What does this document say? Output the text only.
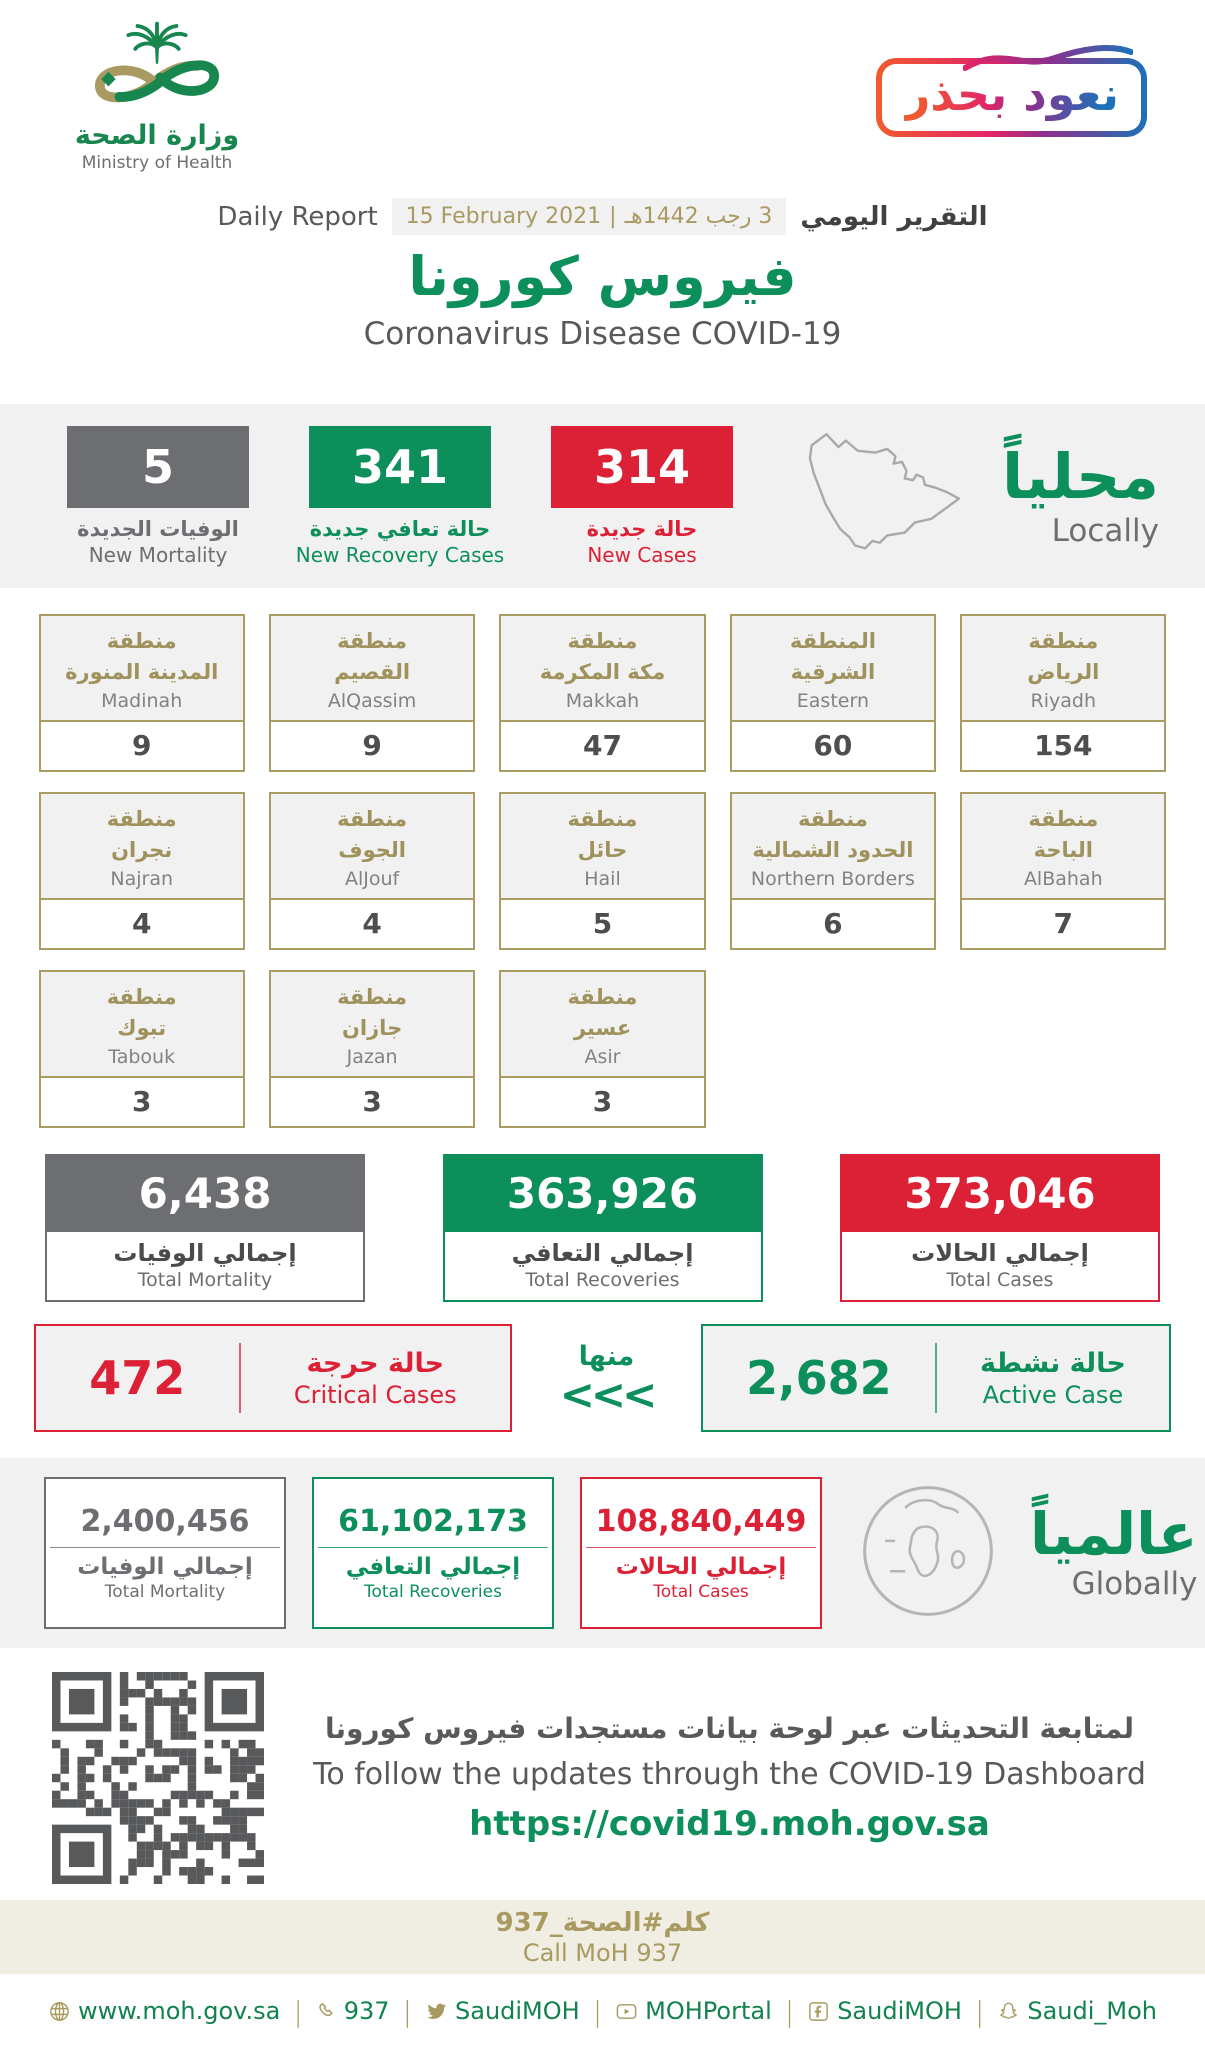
وزارة الصحة
Ministry of Health
نعود بحذر
Daily Report 15 February 2021 | 3 رجب 1442هـ التقرير اليومي
فيروس كورونا
Coronavirus Disease COVID-19
5
الوفيات الجديدة
New Mortality
341
حالة تعافي جديدة
New Recovery Cases
314
حالة جديدة
New Cases
محلياً
Locally
منطقة
المدينة المنورة
Madinah
9
منطقة
القصيم
AlQassim
9
منطقة
مكة المكرمة
Makkah
47
المنطقة
الشرقية
Eastern
60
منطقة
الرياض
Riyadh
154
منطقة
نجران
Najran
4
منطقة
الجوف
AlJouf
4
منطقة
حائل
Hail
5
منطقة
الحدود الشمالية
Northern Borders
6
منطقة
الباحة
AlBahah
7
منطقة
تبوك
Tabouk
3
منطقة
جازان
Jazan
3
منطقة
عسير
Asir
3
6,438
إجمالي الوفيات
Total Mortality
363,926
إجمالي التعافي
Total Recoveries
373,046
إجمالي الحالات
Total Cases
472	حالة حرجة
Critical Cases
منها
<<< 2,682	حالة نشطة
Active Case
2,400,456
إجمالي الوفيات
Total Mortality
61,102,173
إجمالي التعافي
Total Recoveries
108,840,449
إجمالي الحالات
Total Cases
عالمياً
Globally
لمتابعة التحديثات عبر لوحة بيانات مستجدات فيروس كورونا
To follow the updates through the COVID-19 Dashboard
https://covid19.moh.gov.sa
كلم#الصحة_937
Call MoH 937
www.moh.gov.sa | 937 | SaudiMOH | MOHPortal | SaudiMOH | Saudi_Moh
